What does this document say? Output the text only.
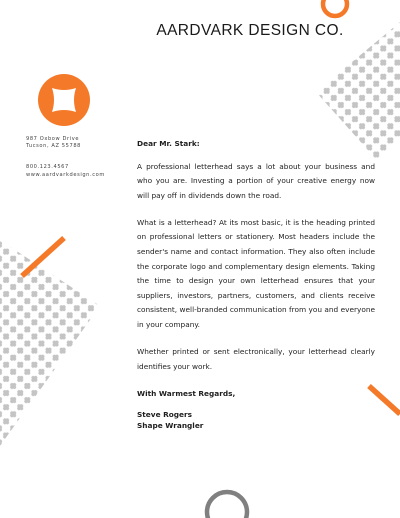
AARDVARK DESIGN CO.
987 Oxbow Drive
Tucson, AZ 55788
800.123.4567
www.aardvarkdesign.com

Dear Mr. Stark:

A professional letterhead says a lot about your business and who you are. Investing a portion of your creative energy now will pay off in dividends down the road.

What is a letterhead? At its most basic, it is the heading printed on professional letters or stationery. Most headers include the sender's name and contact information. They also often include the corporate logo and complementary design elements. Taking the time to design your own letterhead ensures that your suppliers, investors, partners, customers, and clients receive consistent, well-branded communication from you and everyone in your company.

Whether printed or sent electronically, your letterhead clearly identifies your work.

With Warmest Regards,

Steve Rogers
Shape Wrangler
